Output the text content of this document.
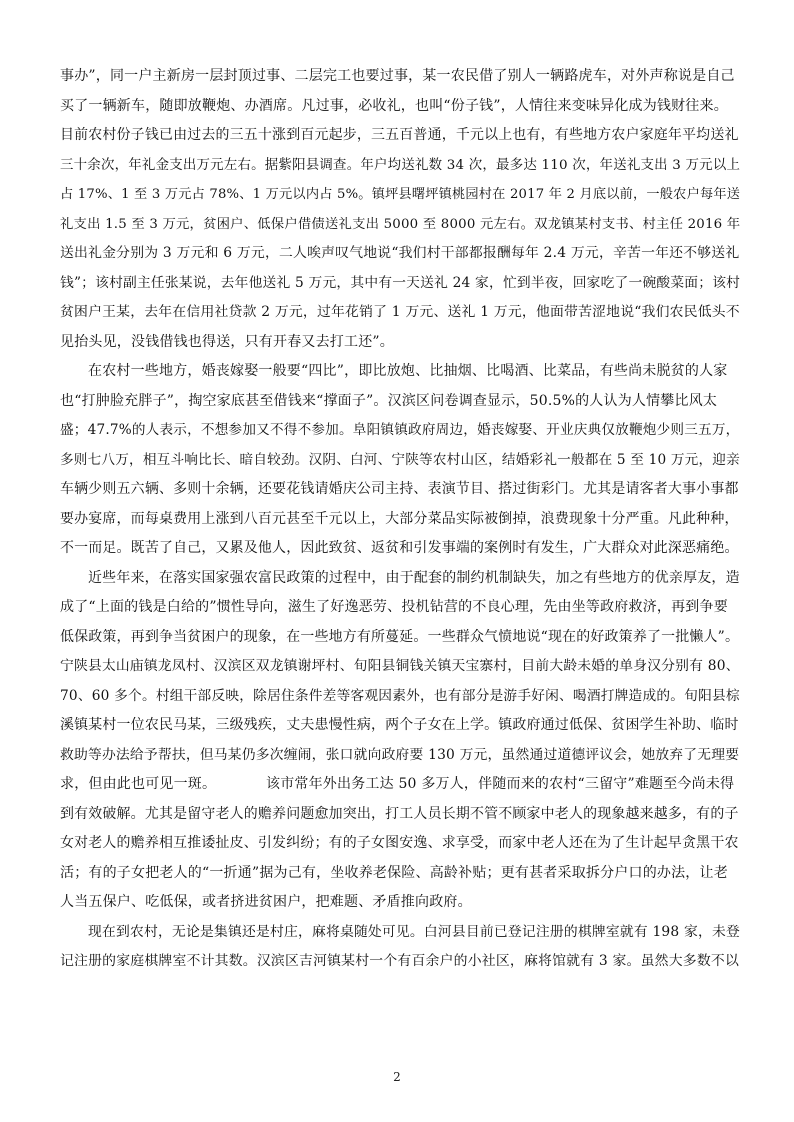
事办”，同一户主新房一层封顶过事、二层完工也要过事，某一农民借了别人一辆路虎车，对外声称说是自己
买了一辆新车，随即放鞭炮、办酒席。凡过事，必收礼，也叫“份子钱”，人情往来变味异化成为钱财往来。
目前农村份子钱已由过去的三五十涨到百元起步，三五百普通，千元以上也有，有些地方农户家庭年平均送礼
三十余次，年礼金支出万元左右。据紫阳县调查。年户均送礼数 34 次，最多达 110 次，年送礼支出 3 万元以上
占 17%、1 至 3 万元占 78%、1 万元以内占 5%。镇坪县曙坪镇桃园村在 2017 年 2 月底以前，一般农户每年送
礼支出 1.5 至 3 万元，贫困户、低保户借债送礼支出 5000 至 8000 元左右。双龙镇某村支书、村主任 2016 年
送出礼金分别为 3 万元和 6 万元，二人唉声叹气地说“我们村干部都报酬每年 2.4 万元，辛苦一年还不够送礼
钱”；该村副主任张某说，去年他送礼 5 万元，其中有一天送礼 24 家，忙到半夜，回家吃了一碗酸菜面；该村
贫困户王某，去年在信用社贷款 2 万元，过年花销了 1 万元、送礼 1 万元，他面带苦涩地说“我们农民低头不
见抬头见，没钱借钱也得送，只有开春又去打工还”。
在农村一些地方，婚丧嫁娶一般要“四比”，即比放炮、比抽烟、比喝酒、比菜品，有些尚未脱贫的人家
也“打肿脸充胖子”，掏空家底甚至借钱来“撑面子”。汉滨区问卷调查显示，50.5%的人认为人情攀比风太
盛；47.7%的人表示，不想参加又不得不参加。阜阳镇镇政府周边，婚丧嫁娶、开业庆典仅放鞭炮少则三五万，
多则七八万，相互斗响比长、暗自较劲。汉阴、白河、宁陕等农村山区，结婚彩礼一般都在 5 至 10 万元，迎亲
车辆少则五六辆、多则十余辆，还要花钱请婚庆公司主持、表演节目、搭过街彩门。尤其是请客者大事小事都
要办宴席，而每桌费用上涨到八百元甚至千元以上，大部分菜品实际被倒掉，浪费现象十分严重。凡此种种，
不一而足。既苦了自己，又累及他人，因此致贫、返贫和引发事端的案例时有发生，广大群众对此深恶痛绝。
近些年来，在落实国家强农富民政策的过程中，由于配套的制约机制缺失，加之有些地方的优亲厚友，造
成了“上面的钱是白给的”惯性导向，滋生了好逸恶劳、投机钻营的不良心理，先由坐等政府救济，再到争要
低保政策，再到争当贫困户的现象，在一些地方有所蔓延。一些群众气愤地说“现在的好政策养了一批懒人”。
宁陕县太山庙镇龙凤村、汉滨区双龙镇谢坪村、旬阳县铜钱关镇天宝寨村，目前大龄未婚的单身汉分别有 80、
70、60 多个。村组干部反映，除居住条件差等客观因素外，也有部分是游手好闲、喝酒打牌造成的。旬阳县棕
溪镇某村一位农民马某，三级残疾，丈夫患慢性病，两个子女在上学。镇政府通过低保、贫困学生补助、临时
救助等办法给予帮扶，但马某仍多次缠闹，张口就向政府要 130 万元，虽然通过道德评议会，她放弃了无理要
求，但由此也可见一斑。　　　　该市常年外出务工达 50 多万人，伴随而来的农村“三留守”难题至今尚未得
到有效破解。尤其是留守老人的赡养问题愈加突出，打工人员长期不管不顾家中老人的现象越来越多，有的子
女对老人的赡养相互推诿扯皮、引发纠纷；有的子女图安逸、求享受，而家中老人还在为了生计起早贪黑干农
活；有的子女把老人的“一折通”据为己有，坐收养老保险、高龄补贴；更有甚者采取拆分户口的办法，让老
人当五保户、吃低保，或者挤进贫困户，把难题、矛盾推向政府。
现在到农村，无论是集镇还是村庄，麻将桌随处可见。白河县目前已登记注册的棋牌室就有 198 家，未登
记注册的家庭棋牌室不计其数。汉滨区吉河镇某村一个有百余户的小社区，麻将馆就有 3 家。虽然大多数不以
2
